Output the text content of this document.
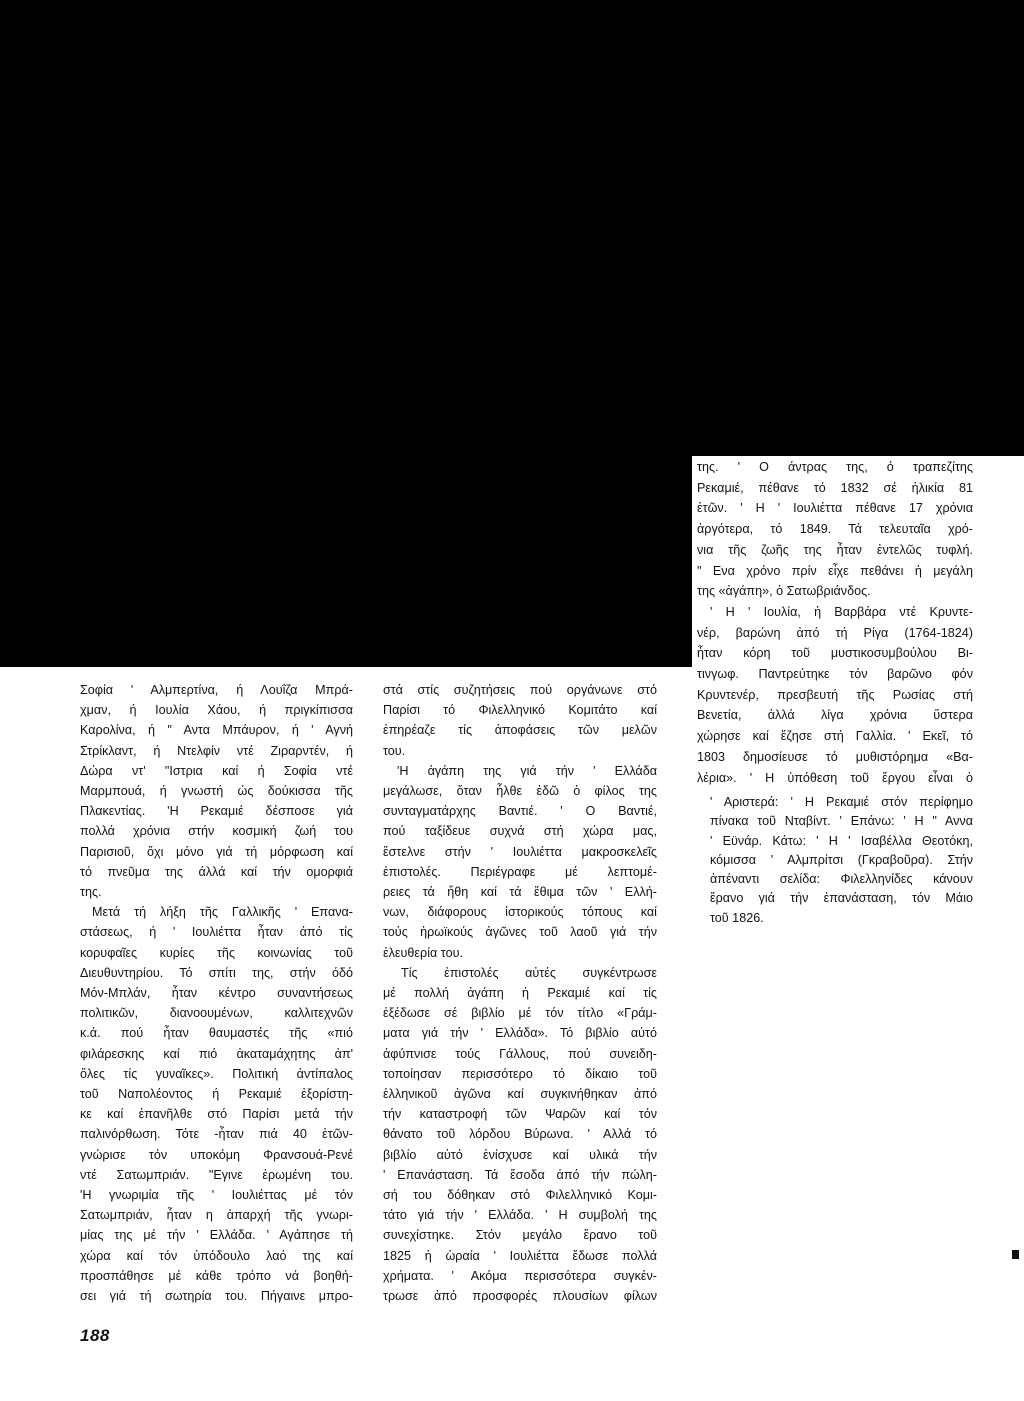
Σοφία ' Αλμπερτίνα, ή Λουΐζα Μπρά-
χμαν, ή Ιουλία Χάου, ή πριγκίπισσα
Καρολίνα, ή " Αντα Μπάυρον, ή ' Αγνή
Στρίκλαντ, ή Ντελφίν ντέ Ζιραρντέν, ή
Δώρα ντ' "Ιστρια καί ή Σοφία ντέ
Μαρμπουά, ή γνωστή ώς δούκισσα τῆς
Πλακεντίας. 'Η Ρεκαμιέ δέσποσε γιά
πολλά χρόνια στήν κοσμική ζωή του
Παρισιοῦ, ὄχι μόνο γιά τή μόρφωση καί
τό πνεῦμα της άλλά καί τήν ομορφιά
της.
Μετά τή λήξη τῆς Γαλλικῆς ' Επανα-
στάσεως, ή ' Ιουλιέττα ἦταν άπό τίς
κορυφαῖες κυρίες τῆς κοινωνίας τοῦ
Διευθυντηρίου. Τό σπίτι της, στήν όδό
Μόν-Μπλάν, ἦταν κέντρο συναντήσεως
πολιτικῶν, διανοουμένων, καλλιτεχνῶν
κ.ά. πού ἦταν θαυμαστές τῆς «πιό
φιλάρεσκης καί πιό ἀκαταμάχητης ἀπ'
ὅλες τίς γυναῖκες». Πολιτική ἀντίπαλος
τοῦ Ναπολέοντος ή Ρεκαμιέ ἐξορίστη-
κε καί ἐπανῆλθε στό Παρίσι μετά τήν
παλινόρθωση. Τότε -ἦταν πιά 40 ἐτῶν-
γνώρισε τόν υποκόμη Φρανσουά-Ρενέ
ντέ Σατωμπριάν. "Εγινε ἐρωμένη του.
'Η γνωριμία τῆς ' Ιουλιέττας μέ τόν
Σατωμπριάν, ἦταν η ἀπαρχή τῆς γνωρι-
μίας της μέ τήν ' Ελλάδα. ' Αγάπησε τή
χώρα καί τόν ὑπόδουλο λαό της καί
προσπάθησε μέ κάθε τρόπο νά βοηθή-
σει γιά τή σωτηρία του. Πήγαινε μπρο-
στά στίς συζητήσεις πού οργάνωνε στό
Παρίσι τό Φιλελληνικό Κομιτάτο καί
ἐπηρέαζε τίς ἀποφάσεις τῶν μελῶν
του.
'Η ἀγάπη της γιά τήν ' Ελλάδα
μεγάλωσε, ὅταν ἦλθε ἐδῶ ὁ φίλος της
συνταγματάρχης Βαντιέ. ' Ο Βαντιέ,
πού ταξίδευε συχνά στή χώρα μας,
ἔστελνε στήν ' Ιουλιέττα μακροσκελεῖς
ἐπιστολές. Περιέγραφε μέ λεπτομέ-
ρειες τά ἤθη καί τά ἔθιμα τῶν ' Ελλή-
νων, διάφορους ἱστορικούς τόπους καί
τούς ἡρωϊκούς ἀγῶνες τοῦ λαοῦ γιά τήν
ἐλευθερία του.
Τίς ἐπιστολές αὐτές συγκέντρωσε
μέ πολλή ἀγάπη ἡ Ρεκαμιέ καί τίς
ἐξέδωσε σέ βιβλίο μέ τόν τίτλο «Γράμ-
ματα γιά τήν ' Ελλάδα». Τό βιβλίο αὐτό
ἀφύπνισε τούς Γάλλους, πού συνειδη-
τοποίησαν περισσότερο τό δίκαιο τοῦ
ἑλληνικοῦ ἀγῶνα καί συγκινήθηκαν ἀπό
τήν καταστροφή τῶν Ψαρῶν καί τόν
θάνατο τοῦ λόρδου Βύρωνα. ' Αλλά τό
βιβλίο αὐτό ἐνίσχυσε καί υλικά τήν
' Επανάσταση. Τά ἔσοδα ἀπό τήν πώλη-
σή του δόθηκαν στό Φιλελληνικό Κομι-
τάτο γιά τήν ' Ελλάδα. ' Η συμβολή της
συνεχίστηκε. Στόν μεγάλο ἔρανο τοῦ
1825 ἡ ὡραία ' Ιουλιέττα ἔδωσε πολλά
χρήματα. ' Ακόμα περισσότερα συγκέν-
τρωσε ἀπό προσφορές πλουσίων φίλων
της. ' Ο άντρας της, ό τραπεζίτης
Ρεκαμιέ, πέθανε τό 1832 σέ ἡλικία 81
ἐτῶν. ' Η ' Ιουλιέττα πέθανε 17 χρόνια
ἀργότερα, τό 1849. Τά τελευταῖα χρό-
νια τῆς ζωῆς της ἦταν ἐντελῶς τυφλή.
" Ενα χρόνο πρίν εἶχε πεθάνει ἡ μεγάλη
της «ἀγάπη», ὁ Σατωβριάνδος.
' Η ' Ιουλία, ἡ Βαρβάρα ντέ Κρυντε-
νέρ, βαρώνη ἀπό τή Ρίγα (1764-1824)
ἦταν κόρη τοῦ μυστικοσυμβούλου Βι-
τινγωφ. Παντρεύτηκε τόν βαρῶνο φόν
Κρυντενέρ, πρεσβευτή τῆς Ρωσίας στή
Βενετία, ἀλλά λίγα χρόνια ὕστερα
χώρησε καί ἔζησε στή Γαλλία. ' Εκεῖ, τό
1803 δημοσίευσε τό μυθιστόρημα «Βα-
λέρια». ' Η ὑπόθεση τοῦ ἔργου εἶναι ὁ
' Αριστερά: ' Η Ρεκαμιέ στόν περίφημο
πίνακα τοῦ Νταβίντ. ' Επάνω: ' Η " Αννα
' Εϋνάρ. Κάτω: ' Η ' Ισαβέλλα Θεοτόκη,
κόμισσα ' Αλμπρίτσι (Γκραβοῦρα). Στήν
ἀπέναντι σελίδα: Φιλελληνίδες κάνουν
ἔρανο γιά τήν ἐπανάσταση, τόν Μάιο
τοῦ 1826.
188
